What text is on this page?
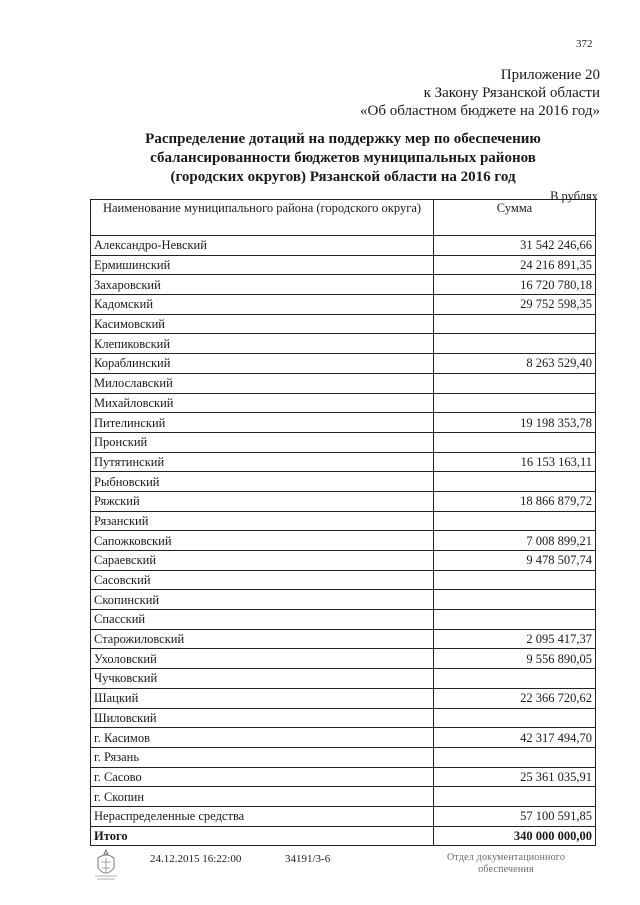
372
Приложение 20
к Закону Рязанской области
«Об областном бюджете на 2016 год»
Распределение дотаций на поддержку мер по обеспечению
сбалансированности бюджетов муниципальных районов
(городских округов) Рязанской области на 2016 год
В рублях
Наименование муниципального района (городского округа)	Сумма
Александро-Невский	31 542 246,66
Ермишинский	24 216 891,35
Захаровский	16 720 780,18
Кадомский	29 752 598,35
Касимовский	
Клепиковский	
Кораблинский	8 263 529,40
Милославский	
Михайловский	
Пителинский	19 198 353,78
Пронский	
Путятинский	16 153 163,11
Рыбновский	
Ряжский	18 866 879,72
Рязанский	
Сапожковский	7 008 899,21
Сараевский	9 478 507,74
Сасовский	
Скопинский	
Спасский	
Старожиловский	2 095 417,37
Ухоловский	9 556 890,05
Чучковский	
Шацкий	22 366 720,62
Шиловский	
г. Касимов	42 317 494,70
г. Рязань	
г. Сасово	25 361 035,91
г. Скопин	
Нераспределенные средства	57 100 591,85
Итого	340 000 000,00
24.12.2015 16:22:00	34191/3-6	Отдел документационного
обеспечения
